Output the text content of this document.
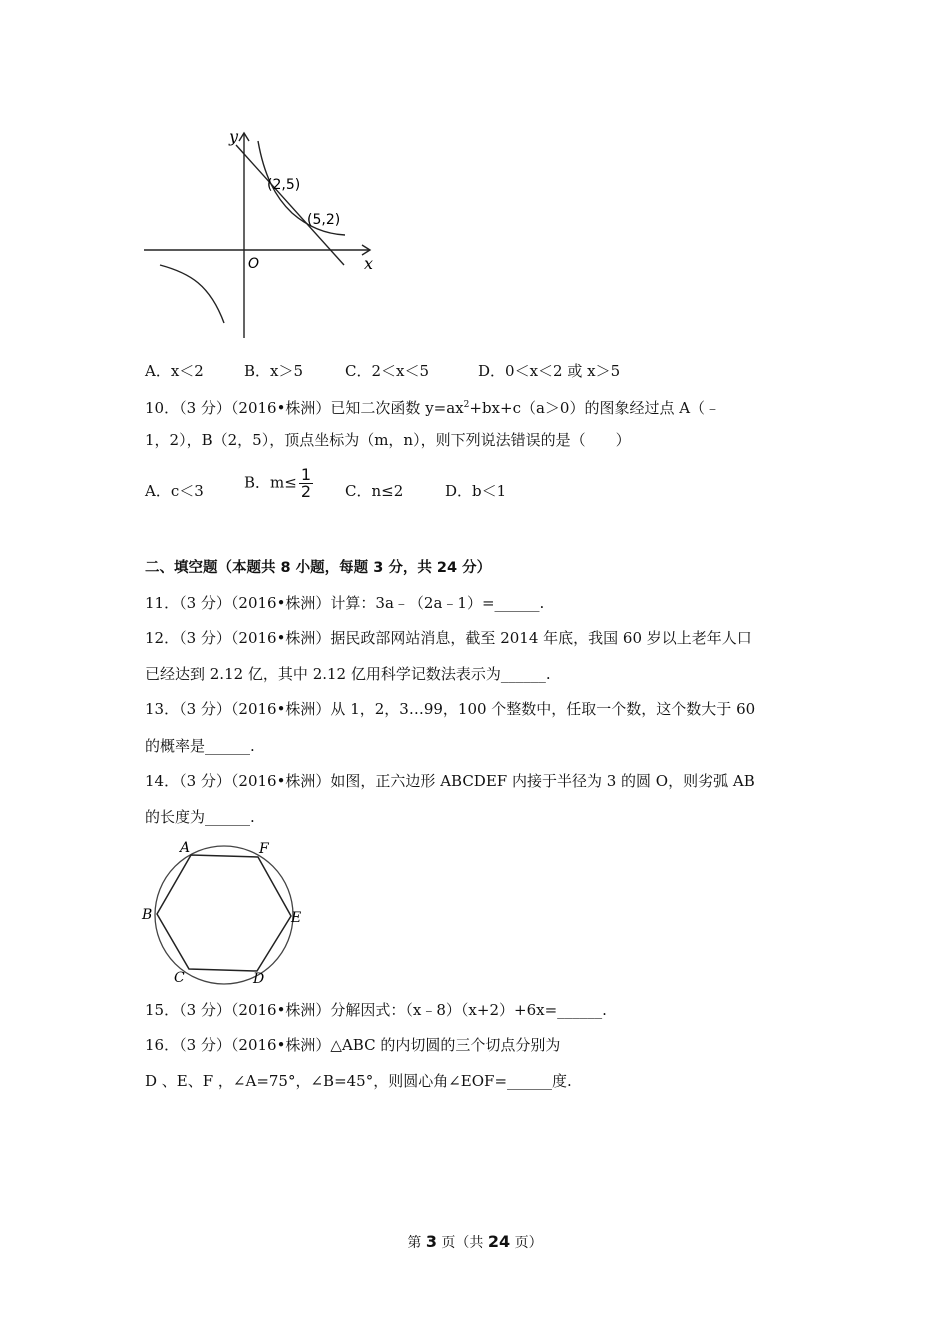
y
x
O
(2,5)
(5,2)
A．x＜2	B．x＞5	C．2＜x＜5	D．0＜x＜2 或 x＞5
10．（3 分）（2016•株洲）已知二次函数 $y=ax^2+bx+c(a>0)$的图象经过点 A（﹣
1，2），B（2，5），顶点坐标为（m，n），则下列说法错误的是（　　）
A．c＜3	B．$m\le \frac{1}{2}$ C．n≤2	D．b＜1
二、填空题（本题共 8 小题，每题 3 分，共 24 分）
11．（3 分）（2016•株洲）计算：3a﹣（2a﹣1）=______.
12．（3 分）（2016•株洲）据民政部网站消息，截至 2014 年底，我国 60 岁以上老年人口
已经达到 2.12 亿，其中 2.12 亿用科学记数法表示为______.
13．（3 分）（2016•株洲）从 1，2，3…99，100 个整数中，任取一个数，这个数大于 60
的概率是______.
14．（3 分）（2016•株洲）如图，正六边形 ABCDEF 内接于半径为 3 的圆 O，则劣弧 AB
的长度为______.
A	F
B	E
C	D
15．（3 分）（2016•株洲）分解因式：（x﹣8）（x+2）+6x=______.
16．（3 分）（2016•株洲）△ABC 的内切圆的三个切点分别为
D 、E、F ，∠A=75°，∠B=45°，则圆心角∠EOF=______度.
第 3 页（共 24 页）
